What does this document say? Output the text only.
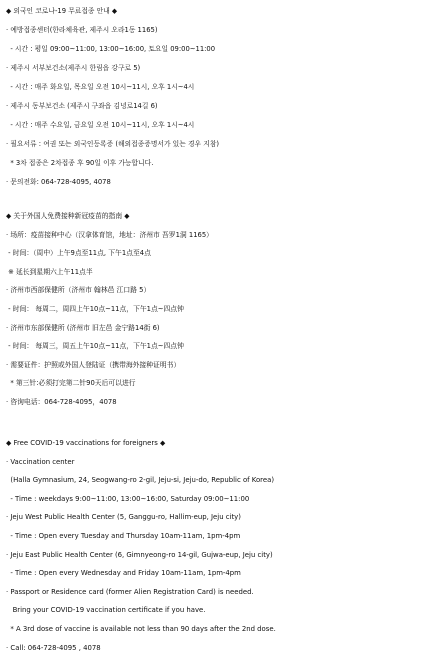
◆ 외국인 코로나-19 무료접종 안내 ◆
· 예방접종센터(한라체육관, 제주시 오라1동 1165)
- 시간 : 평일 09:00~11:00, 13:00~16:00, 토요일 09:00~11:00
· 제주시 서부보건소(제주시 한림읍 강구로 5)
- 시간 : 매주 화요일, 목요일 오전 10시~11시, 오후 1시~4시
· 제주시 동부보건소 (제주시 구좌읍 김녕로14길 6)
- 시간 : 매주 수요일, 금요일 오전 10시~11시, 오후 1시~4시
· 필요서류 : 여권 또는 외국인등록증 (해외접종증명서가 있는 경우 지참)
* 3차 접종은 2차접종 후 90일 이후 가능합니다.
· 문의전화: 064-728-4095, 4078
◆ 关于外国人免费接种新冠疫苗的指南 ◆
· 场所：疫苗接种中心（汉拿体育馆，地址：济州市 吾罗1洞 1165）
- 时间：（周中）上午9点至11点, 下午1点至4点
※ 延长到星期六上午11点半
· 济州市西部保健所（济州市 翰林邑 江口路 5）
- 时间： 每周二，周四上午10点~11点，下午1点~四点钟
· 济州市东部保健所 (济州市 旧左邑 金宁路14街 6)
- 时间： 每周三，周五上午10点~11点，下午1点~四点钟
· 需要证件：护照或外国人登陆证（携带海外接种证明书）
* 第三针:必须打完第二针90天后可以进行
· 咨询电话：064-728-4095，4078
◆ Free COVID-19 vaccinations for foreigners ◆
· Vaccination center
(Halla Gymnasium, 24, Seogwang-ro 2-gil, Jeju-si, Jeju-do, Republic of Korea)
- Time : weekdays 9:00~11:00, 13:00~16:00, Saturday 09:00~11:00
· Jeju West Public Health Center (5, Ganggu-ro, Hallim-eup, Jeju city)
- Time : Open every Tuesday and Thursday 10am-11am, 1pm-4pm
· Jeju East Public Health Center (6, Gimnyeong-ro 14-gil, Gujwa-eup, Jeju city)
- Time : Open every Wednesday and Friday 10am-11am, 1pm-4pm
· Passport or Residence card (former Alien Registration Card) is needed.
Bring your COVID-19 vaccination certificate if you have.
* A 3rd dose of vaccine is available not less than 90 days after the 2nd dose.
· Call: 064-728-4095 , 4078
